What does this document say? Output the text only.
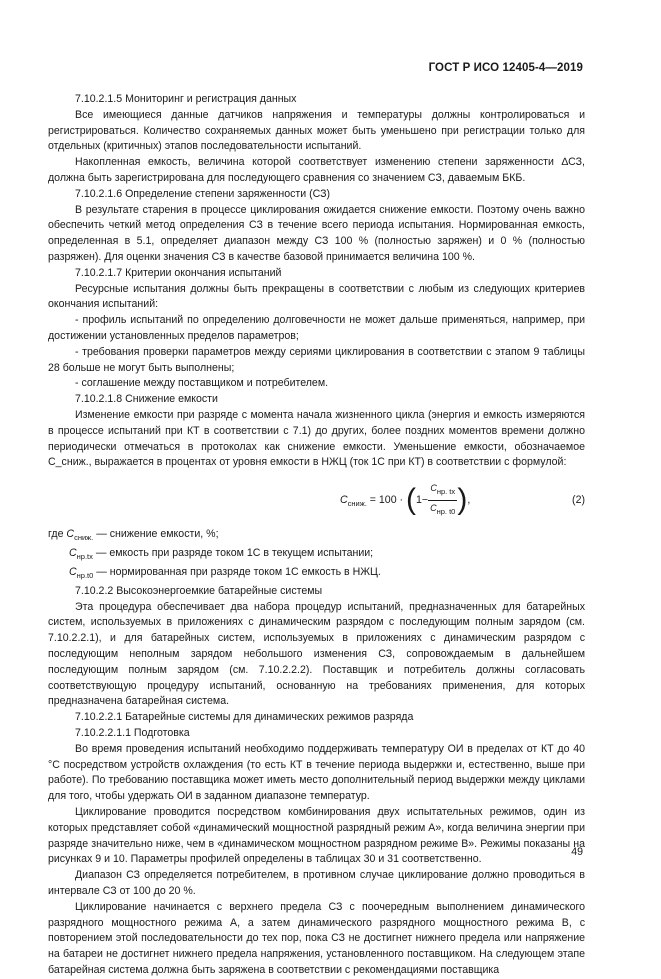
ГОСТ Р ИСО 12405-4—2019

7.10.2.1.5 Мониторинг и регистрация данных

Все имеющиеся данные датчиков напряжения и температуры должны контролироваться и регистрироваться. Количество сохраняемых данных может быть уменьшено при регистрации только для отдельных (критичных) этапов последовательности испытаний.

Накопленная емкость, величина которой соответствует изменению степени заряженности ∆СЗ, должна быть зарегистрирована для последующего сравнения со значением СЗ, даваемым БКБ.

7.10.2.1.6 Определение степени заряженности (СЗ)

В результате старения в процессе циклирования ожидается снижение емкости. Поэтому очень важно обеспечить четкий метод определения СЗ в течение всего периода испытания. Нормированная емкость, определенная в 5.1, определяет диапазон между СЗ 100 % (полностью заряжен) и 0 % (полностью разряжен). Для оценки значения СЗ в качестве базовой принимается величина 100 %.

7.10.2.1.7 Критерии окончания испытаний

Ресурсные испытания должны быть прекращены в соответствии с любым из следующих критериев окончания испытаний:

- профиль испытаний по определению долговечности не может дальше применяться, например, при достижении установленных пределов параметров;

- требования проверки параметров между сериями циклирования в соответствии с этапом 9 таблицы 28 больше не могут быть выполнены;

- соглашение между поставщиком и потребителем.

7.10.2.1.8 Снижение емкости

Изменение емкости при разряде с момента начала жизненного цикла (энергия и емкость измеряются в процессе испытаний при КТ в соответствии с 7.1) до других, более поздних моментов времени должно периодически отмечаться в протоколах как снижение емкости. Уменьшение емкости, обозначаемое С_сниж., выражается в процентах от уровня емкости в НЖЦ (ток 1С при КТ) в соответствии с формулой:

$С_{сниж.} = 100 \cdot (1- \frac{С_{нр. tx}}{С_{нр. t0}}$ ),	(2)

где $С_{сниж.}$ — снижение емкости, %;

$С_{нр.tx}$ — емкость при разряде током 1С в текущем испытании;

$С_{нр.t0}$ — нормированная при разряде током 1С емкость в НЖЦ.

7.10.2.2 Высокоэнергоемкие батарейные системы

Эта процедура обеспечивает два набора процедур испытаний, предназначенных для батарейных систем, используемых в приложениях с динамическим разрядом с последующим полным зарядом (см. 7.10.2.2.1), и для батарейных систем, используемых в приложениях с динамическим разрядом с последующим неполным зарядом небольшого изменения СЗ, сопровождаемым в дальнейшем последующим полным зарядом (см. 7.10.2.2.2). Поставщик и потребитель должны согласовать соответствующую процедуру испытаний, основанную на требованиях применения, для которых предназначена батарейная система.

7.10.2.2.1 Батарейные системы для динамических режимов разряда

7.10.2.2.1.1 Подготовка

Во время проведения испытаний необходимо поддерживать температуру ОИ в пределах от КТ до 40 °С посредством устройств охлаждения (то есть КТ в течение периода выдержки и, естественно, выше при работе). По требованию поставщика может иметь место дополнительный период выдержки между циклами для того, чтобы удержать ОИ в заданном диапазоне температур.

Циклирование проводится посредством комбинирования двух испытательных режимов, один из которых представляет собой «динамический мощностной разрядный режим А», когда величина энергии при разряде значительно ниже, чем в «динамическом мощностном разрядном режиме В». Режимы показаны на рисунках 9 и 10. Параметры профилей определены в таблицах 30 и 31 соответственно.

Диапазон СЗ определяется потребителем, в противном случае циклирование должно проводиться в интервале СЗ от 100 до 20 %.

Циклирование начинается с верхнего предела СЗ с поочередным выполнением динамического разрядного мощностного режима А, а затем динамического разрядного мощностного режима В, с повторением этой последовательности до тех пор, пока СЗ не достигнет нижнего предела или напряжение на батареи не достигнет нижнего предела напряжения, установленного поставщиком. На следующем этапе батарейная система должна быть заряжена в соответствии с рекомендациями поставщика

49
